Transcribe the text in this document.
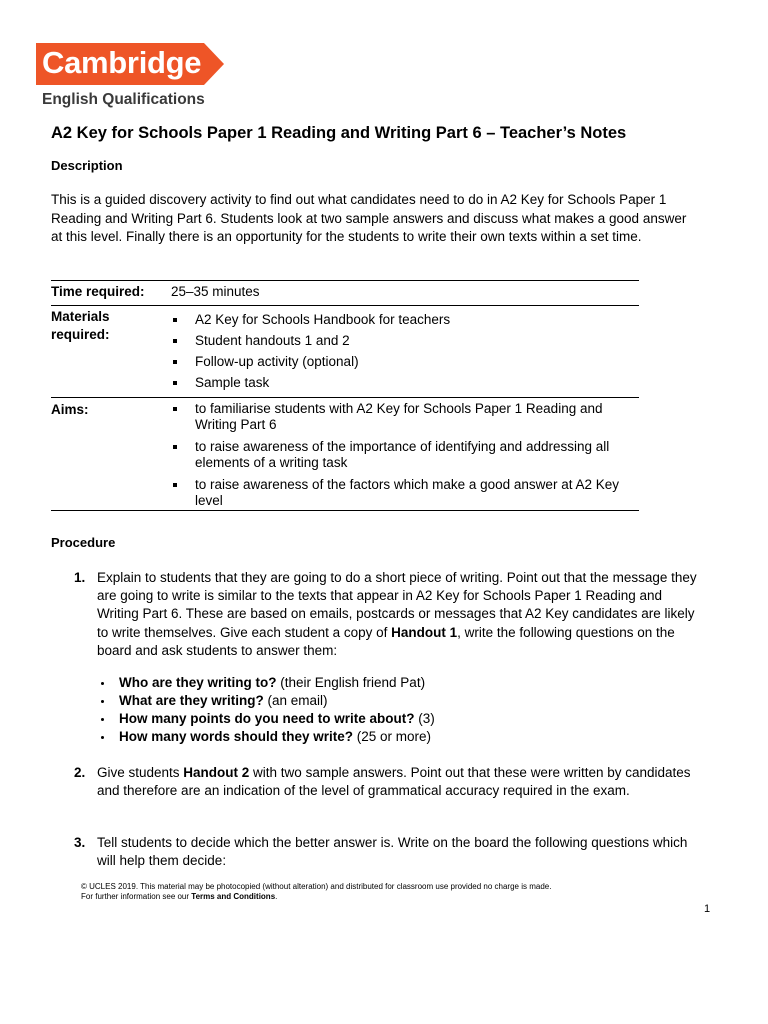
Cambridge
English Qualifications
A2 Key for Schools Paper 1 Reading and Writing Part 6 – Teacher’s Notes
Description
This is a guided discovery activity to find out what candidates need to do in A2 Key for Schools Paper 1 Reading and Writing Part 6. Students look at two sample answers and discuss what makes a good answer at this level. Finally there is an opportunity for the students to write their own texts within a set time.
Time required: 25–35 minutes
Materials required:
A2 Key for Schools Handbook for teachers
Student handouts 1 and 2
Follow-up activity (optional)
Sample task
Aims:	to familiarise students with A2 Key for Schools Paper 1 Reading and Writing Part 6
to raise awareness of the importance of identifying and addressing all elements of a writing task
to raise awareness of the factors which make a good answer at A2 Key level
Procedure
1. Explain to students that they are going to do a short piece of writing. Point out that the message they are going to write is similar to the texts that appear in A2 Key for Schools Paper 1 Reading and Writing Part 6. These are based on emails, postcards or messages that A2 Key candidates are likely to write themselves. Give each student a copy of Handout 1, write the following questions on the board and ask students to answer them:
Who are they writing to? (their English friend Pat)
What are they writing? (an email)
How many points do you need to write about? (3)
How many words should they write? (25 or more)
2. Give students Handout 2 with two sample answers. Point out that these were written by candidates and therefore are an indication of the level of grammatical accuracy required in the exam.
3. Tell students to decide which the better answer is. Write on the board the following questions which will help them decide:
© UCLES 2019. This material may be photocopied (without alteration) and distributed for classroom use provided no charge is made.
For further information see our Terms and Conditions.
1
